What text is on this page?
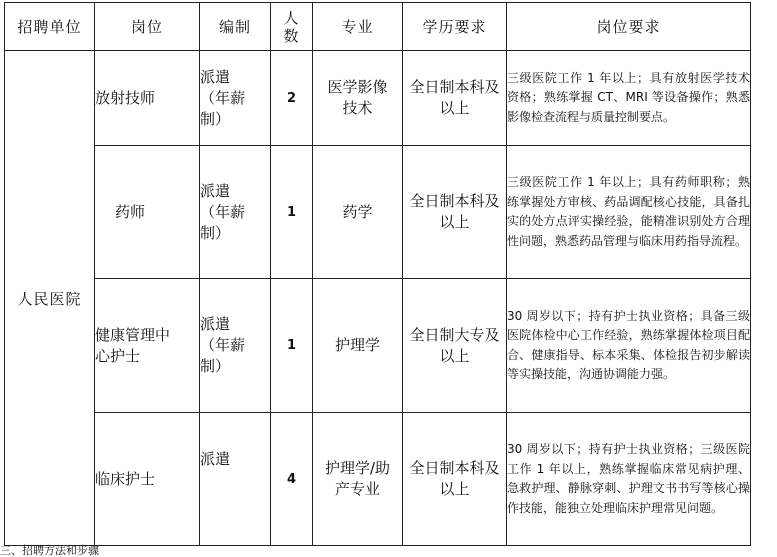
招聘单位	岗位	编制	人数	专业	学历要求	岗位要求
人民医院	放射技师	派遣（年薪制）	2	医学影像技术	全日制本科及以上	三级医院工作 1 年以上；具有放射医学技术资格；熟练掌握 CT、MRI 等设备操作；熟悉影像检查流程与质量控制要点。
	药师	派遣（年薪制）	1	药学	全日制本科及以上	三级医院工作 1 年以上；具有药师职称；熟练掌握处方审核、药品调配核心技能，具备扎实的处方点评实操经验，能精准识别处方合理性问题，熟悉药品管理与临床用药指导流程。
	健康管理中心护士	派遣（年薪制）	1	护理学	全日制大专及以上	30 周岁以下；持有护士执业资格；具备三级医院体检中心工作经验，熟练掌握体检项目配合、健康指导、标本采集、体检报告初步解读等实操技能，沟通协调能力强。
	临床护士	派遣	4	护理学/助产专业	全日制本科及以上	30 周岁以下；持有护士执业资格；三级医院工作 1 年以上，熟练掌握临床常见病护理、急救护理、静脉穿刺、护理文书书写等核心操作技能，能独立处理临床护理常见问题。
三、招聘方法和步骤
